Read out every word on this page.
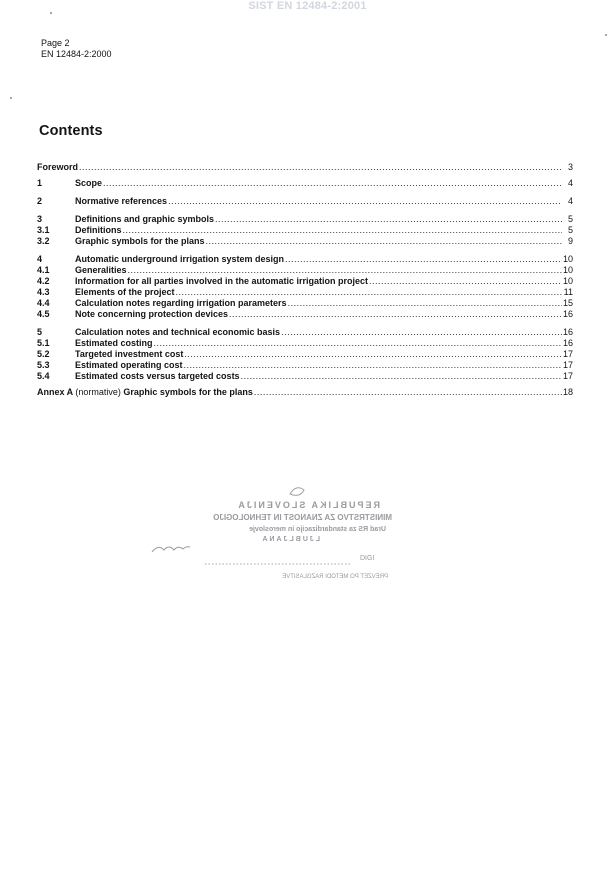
SIST EN 12484-2:2001
Page 2
EN 12484-2:2000
Contents
Foreword .....	3
1	Scope .....	4
2	Normative references .....	4
3	Definitions and graphic symbols .....	5
3.1	Definitions .....	5
3.2	Graphic symbols for the plans .....	9
4	Automatic underground irrigation system design .....	10
4.1	Generalities .....	10
4.2	Information for all parties involved in the automatic irrigation project .....	10
4.3	Elements of the project .....	11
4.4	Calculation notes regarding irrigation parameters .....	15
4.5	Note concerning protection devices .....	16
5	Calculation notes and technical economic basis .....	16
5.1	Estimated costing .....	16
5.2	Targeted investment cost .....	17
5.3	Estimated operating cost .....	17
5.4	Estimated costs versus targeted costs .....	17
Annex A (normative) Graphic symbols for the plans .....	18
REPUBLIKA SLOVENIJA
MINISTRSTVO ZA ZNANOST IN TEHNOLOGIJO
Urad RS za standardizacijo in meroslovje
LJUBLJANA
PREVZET PO METODI RAZGLASITVE
DIGI
